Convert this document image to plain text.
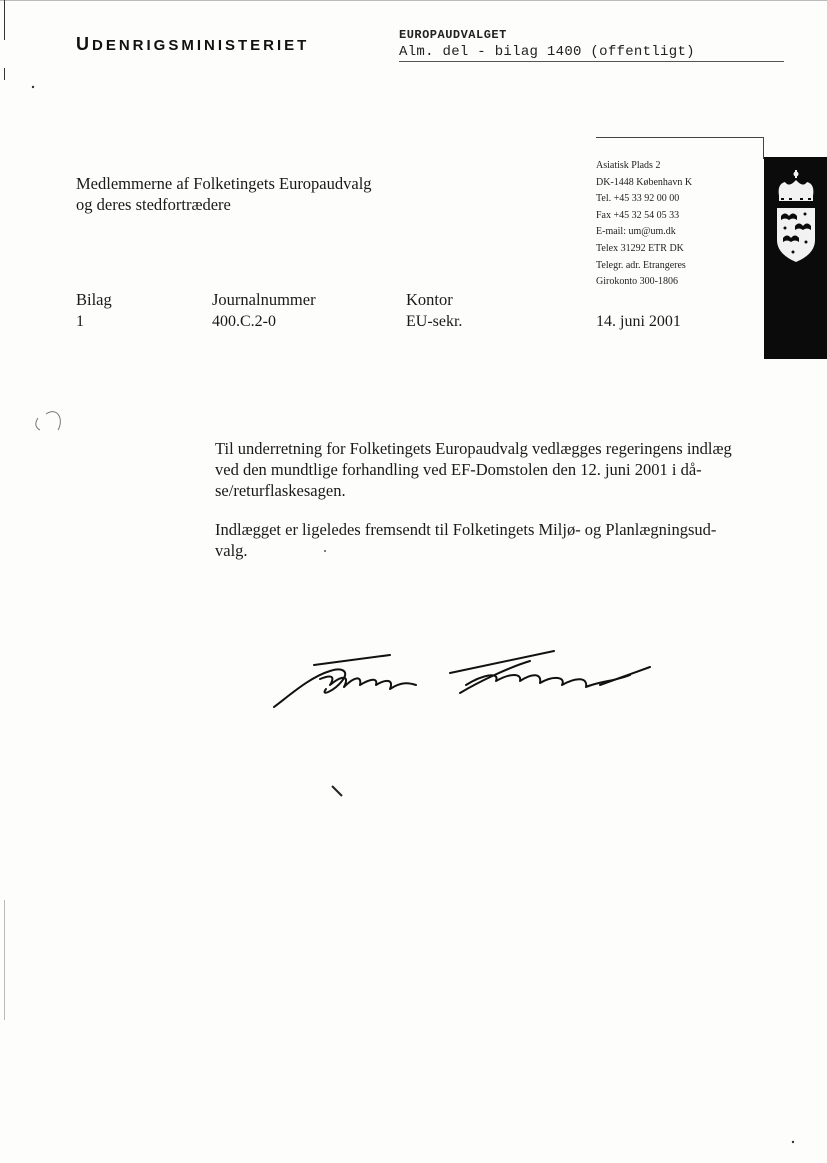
UDENRIGSMINISTERIET
EUROPAUDVALGET
Alm. del - bilag 1400 (offentligt)
Medlemmerne af Folketingets Europaudvalg
og deres stedfortrædere
Asiatisk Plads 2
DK-1448 København K
Tel. +45 33 92 00 00
Fax +45 32 54 05 33
E-mail: um@um.dk
Telex 31292 ETR DK
Telegr. adr. Etrangeres
Girokonto 300-1806
Bilag
1
Journalnummer
400.C.2-0
Kontor
EU-sekr.	14. juni 2001
Til underretning for Folketingets Europaudvalg vedlægges regeringens indlæg
ved den mundtlige forhandling ved EF-Domstolen den 12. juni 2001 i då-
se/returflaskesagen.
Indlægget er ligeledes fremsendt til Folketingets Miljø- og Planlægningsud-
valg.
